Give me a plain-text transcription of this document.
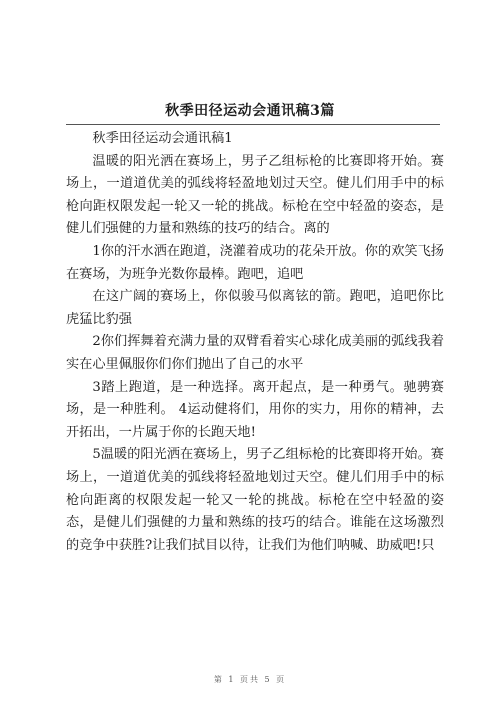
秋季田径运动会通讯稿3篇

秋季田径运动会通讯稿1

温暖的阳光洒在赛场上，男子乙组标枪的比赛即将开始。赛场上，一道道优美的弧线将轻盈地划过天空。健儿们用手中的标枪向距权限发起一轮又一轮的挑战。标枪在空中轻盈的姿态，是健儿们强健的力量和熟练的技巧的结合。离的

1你的汗水洒在跑道，浇灌着成功的花朵开放。你的欢笑飞扬在赛场，为班争光数你最棒。跑吧，追吧

在这广阔的赛场上，你似骏马似离铉的箭。跑吧，追吧你比虎猛比豹强

2你们挥舞着充满力量的双臂看着实心球化成美丽的弧线我着实在心里佩服你们你们抛出了自己的水平

3踏上跑道，是一种选择。离开起点，是一种勇气。驰骋赛场，是一种胜利。 4运动健将们，用你的实力，用你的精神，去开拓出，一片属于你的长跑天地!

5温暖的阳光洒在赛场上，男子乙组标枪的比赛即将开始。赛场上，一道道优美的弧线将轻盈地划过天空。健儿们用手中的标枪向距离的权限发起一轮又一轮的挑战。标枪在空中轻盈的姿态，是健儿们强健的力量和熟练的技巧的结合。谁能在这场激烈的竞争中获胜?让我们拭目以待，让我们为他们呐喊、助威吧!只

第 1 页共 5 页
